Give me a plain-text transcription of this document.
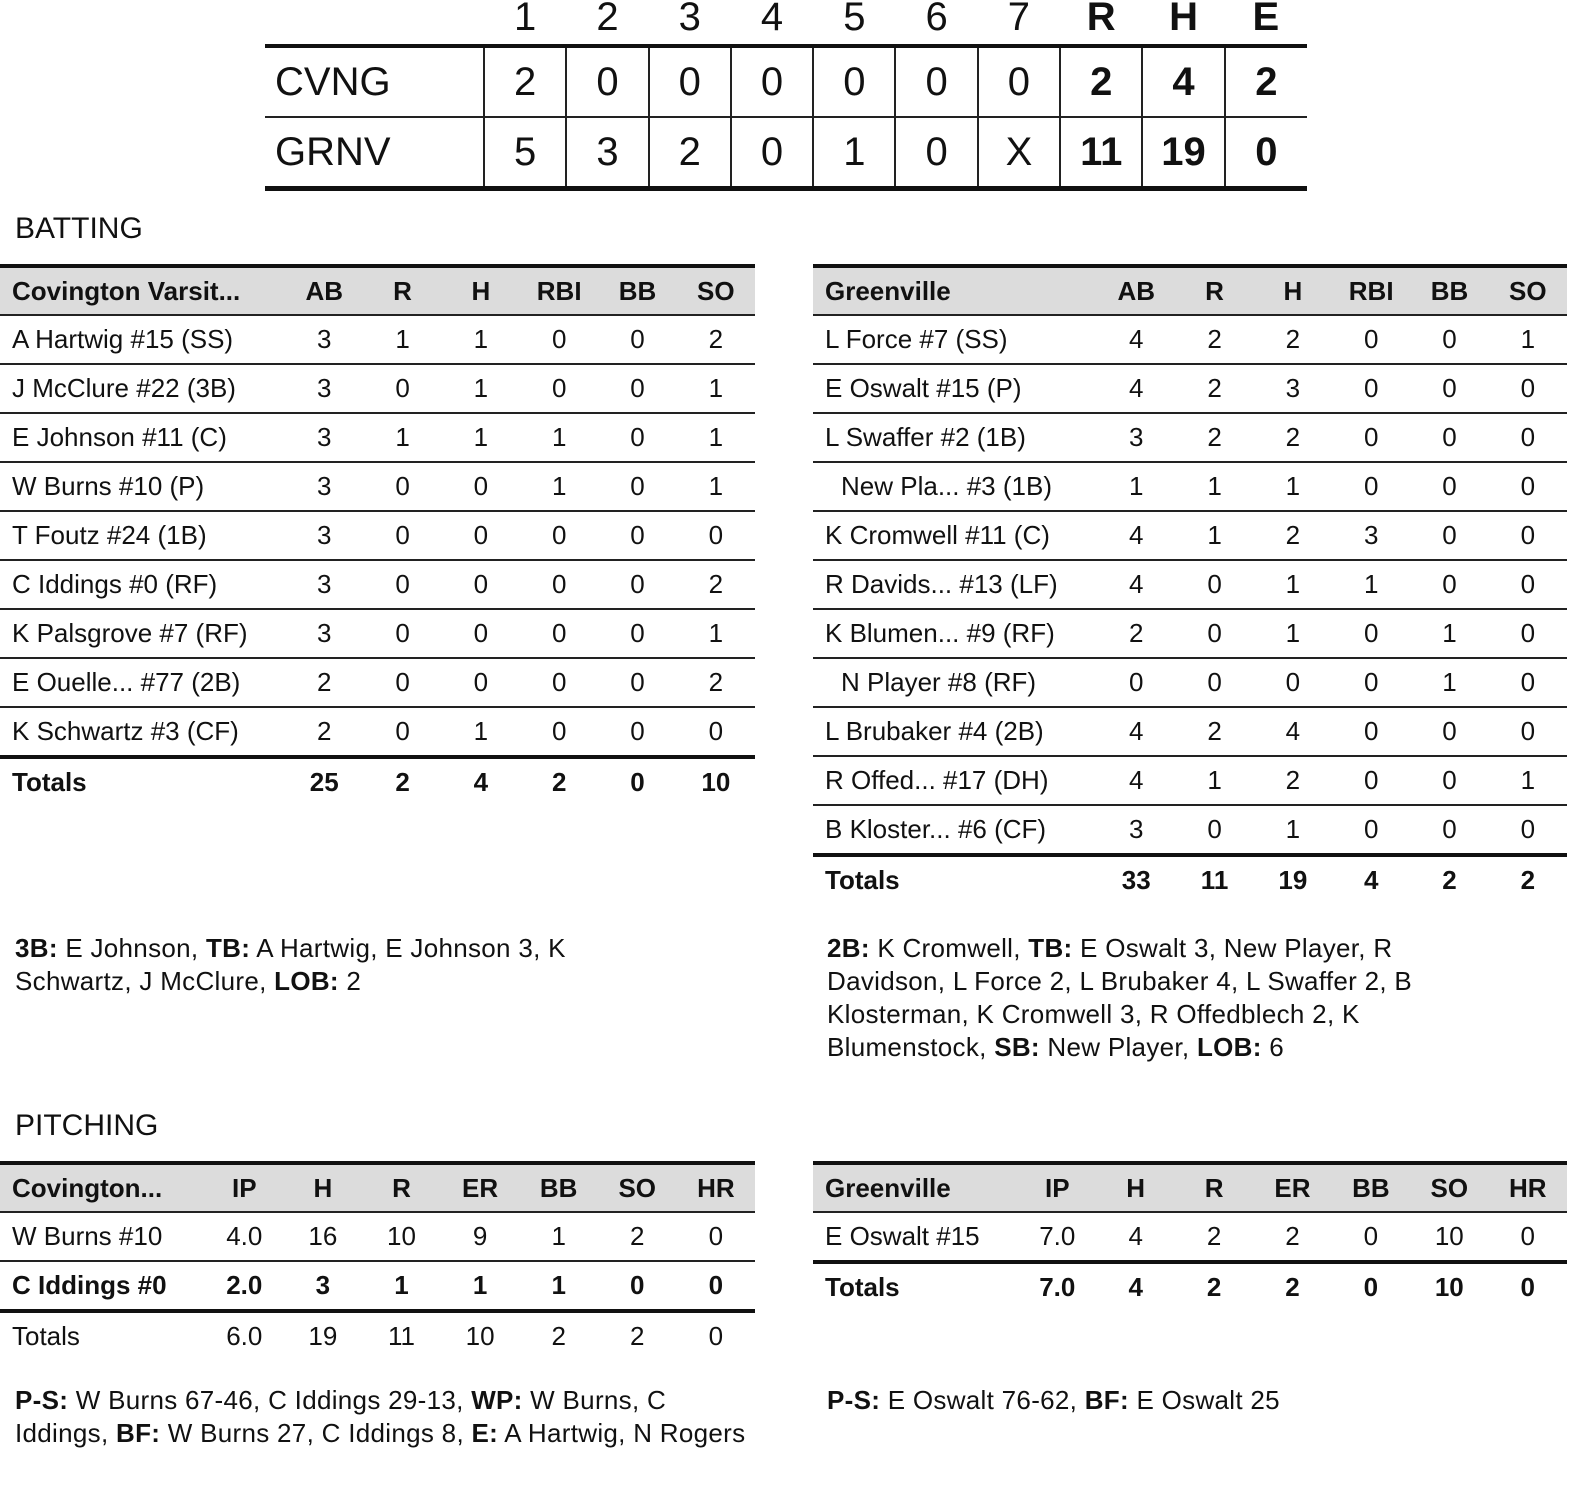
	1	2	3	4	5	6	7	R	H	E
CVNG	2	0	0	0	0	0	0	2	4	2
GRNV	5	3	2	0	1	0	X	11	19	0
BATTING
Covington Varsit...	AB	R	H	RBI	BB	SO
A Hartwig #15 (SS)	3	1	1	0	0	2
J McClure #22 (3B)	3	0	1	0	0	1
E Johnson #11 (C)	3	1	1	1	0	1
W Burns #10 (P)	3	0	0	1	0	1
T Foutz #24 (1B)	3	0	0	0	0	0
C Iddings #0 (RF)	3	0	0	0	0	2
K Palsgrove #7 (RF)	3	0	0	0	0	1
E Ouelle... #77 (2B)	2	0	0	0	0	2
K Schwartz #3 (CF)	2	0	1	0	0	0
Totals	25	2	4	2	0	10
Greenville	AB	R	H	RBI	BB	SO
L Force #7 (SS)	4	2	2	0	0	1
E Oswalt #15 (P)	4	2	3	0	0	0
L Swaffer #2 (1B)	3	2	2	0	0	0
New Pla... #3 (1B)	1	1	1	0	0	0
K Cromwell #11 (C)	4	1	2	3	0	0
R Davids... #13 (LF)	4	0	1	1	0	0
K Blumen... #9 (RF)	2	0	1	0	1	0
N Player #8 (RF)	0	0	0	0	1	0
L Brubaker #4 (2B)	4	2	4	0	0	0
R Offed... #17 (DH)	4	1	2	0	0	1
B Kloster... #6 (CF)	3	0	1	0	0	0
Totals	33	11	19	4	2	2
3B: E Johnson, TB: A Hartwig, E Johnson 3, K Schwartz, J McClure, LOB: 2
2B: K Cromwell, TB: E Oswalt 3, New Player, R Davidson, L Force 2, L Brubaker 4, L Swaffer 2, B Klosterman, K Cromwell 3, R Offedblech 2, K Blumenstock, SB: New Player, LOB: 6
PITCHING
Covington...	IP	H	R	ER	BB	SO	HR
W Burns #10	4.0	16	10	9	1	2	0
C Iddings #0	2.0	3	1	1	1	0	0
Totals	6.0	19	11	10	2	2	0
Greenville	IP	H	R	ER	BB	SO	HR
E Oswalt #15	7.0	4	2	2	0	10	0
Totals	7.0	4	2	2	0	10	0
P-S: W Burns 67-46, C Iddings 29-13, WP: W Burns, C Iddings, BF: W Burns 27, C Iddings 8, E: A Hartwig, N Rogers
P-S: E Oswalt 76-62, BF: E Oswalt 25
